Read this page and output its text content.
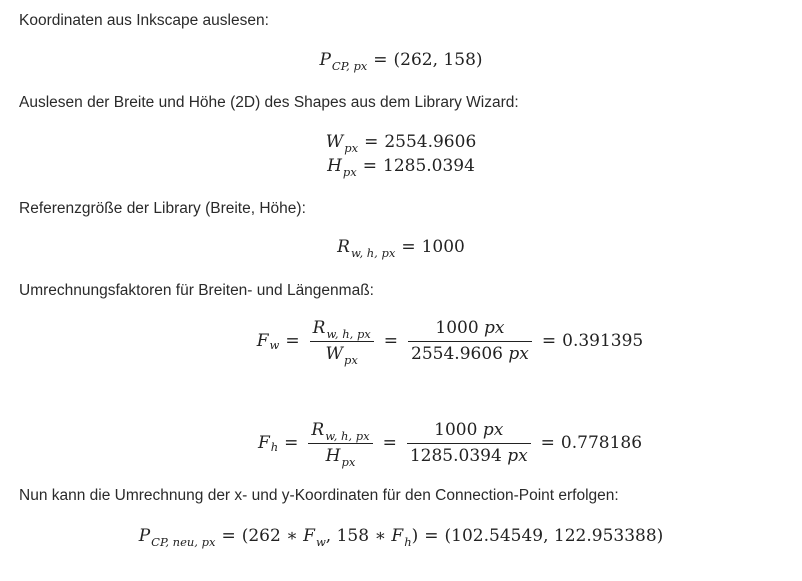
Koordinaten aus Inkscape auslesen:
$P_{CP, px} = (262$, 158)
Auslesen der Breite und Höhe (2D) des Shapes aus dem Library Wizard:
$W_{px} = 2554.9606$
$H_{px} = 1285.0394$
Referenzgröße der Library (Breite, Höhe):
$R_{w, h, px} = 1000$
Umrechnungsfaktoren für Breiten- und Längenmaß:
F $w = \frac{R_{w, h, px}}{W_{px}} = \frac{1000 px}{2554.9606 px} = 0.391395$
F $h = \frac{R_{w, h, px}}{H_{px}} = \frac{1000 px}{1285.0394 px} = 0.778186$
Nun kann die Umrechnung der x- und y-Koordinaten für den Connection-Point erfolgen:
$P_{CP, neu, px} = (262$ ∗ $F_w$, 158 ∗ $F_h) = (102.54549$, 122.953388)
